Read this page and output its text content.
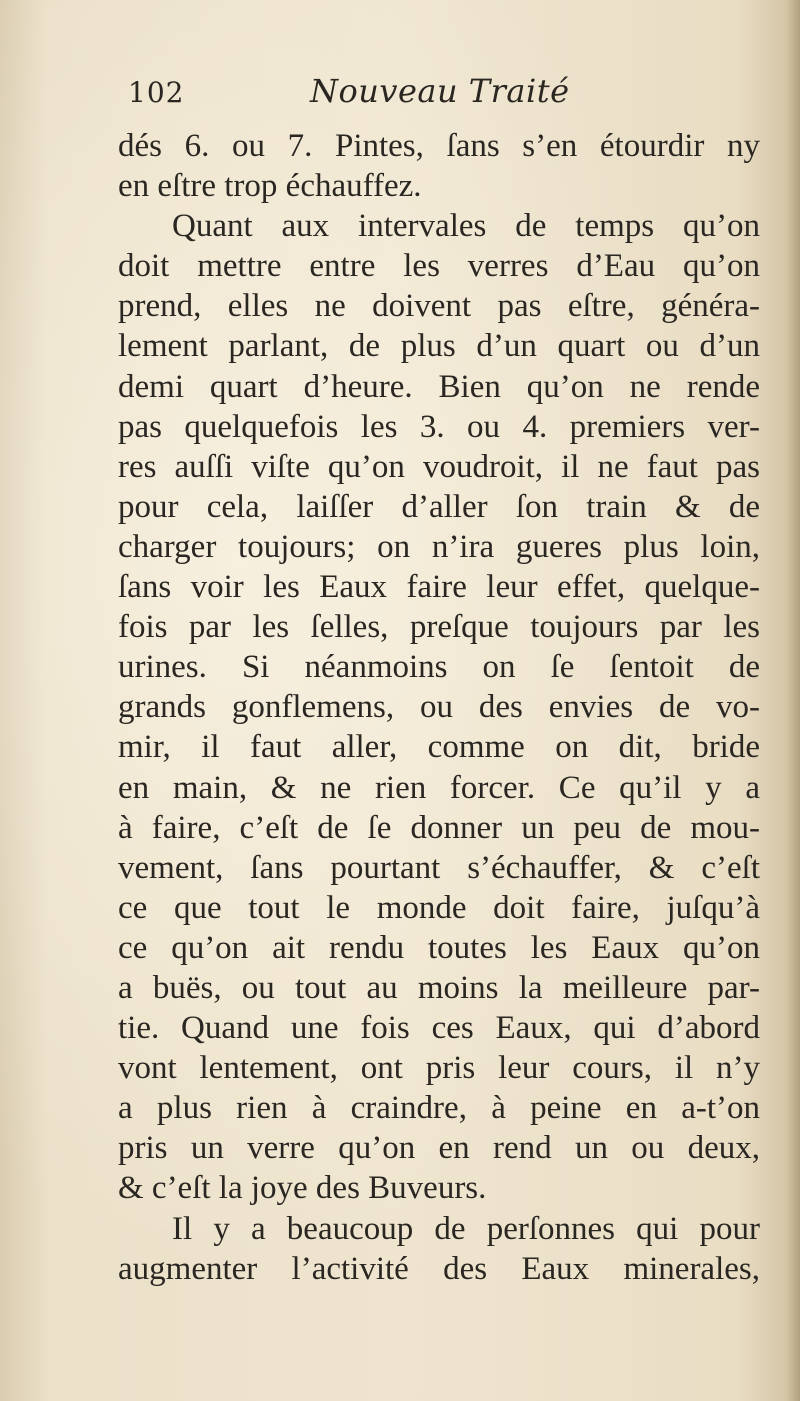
102	Nouveau Traité
dés 6. ou 7. Pintes, ſans s’en étourdir ny
en eſtre trop échauffez.
Quant aux intervales de temps qu’on
doit mettre entre les verres d’Eau qu’on
prend, elles ne doivent pas eſtre, généra-
lement parlant, de plus d’un quart ou d’un
demi quart d’heure. Bien qu’on ne rende
pas quelquefois les 3. ou 4. premiers ver-
res auſſi viſte qu’on voudroit, il ne faut pas
pour cela, laiſſer d’aller ſon train & de
charger toujours; on n’ira gueres plus loin,
ſans voir les Eaux faire leur effet, quelque-
fois par les ſelles, preſque toujours par les
urines. Si néanmoins on ſe ſentoit de
grands gonflemens, ou des envies de vo-
mir, il faut aller, comme on dit, bride
en main, & ne rien forcer. Ce qu’il y a
à faire, c’eſt de ſe donner un peu de mou-
vement, ſans pourtant s’échauffer, & c’eſt
ce que tout le monde doit faire, juſqu’à
ce qu’on ait rendu toutes les Eaux qu’on
a buës, ou tout au moins la meilleure par-
tie. Quand une fois ces Eaux, qui d’abord
vont lentement, ont pris leur cours, il n’y
a plus rien à craindre, à peine en a-t’on
pris un verre qu’on en rend un ou deux,
& c’eſt la joye des Buveurs.
Il y a beaucoup de perſonnes qui pour
augmenter l’activité des Eaux minerales,
